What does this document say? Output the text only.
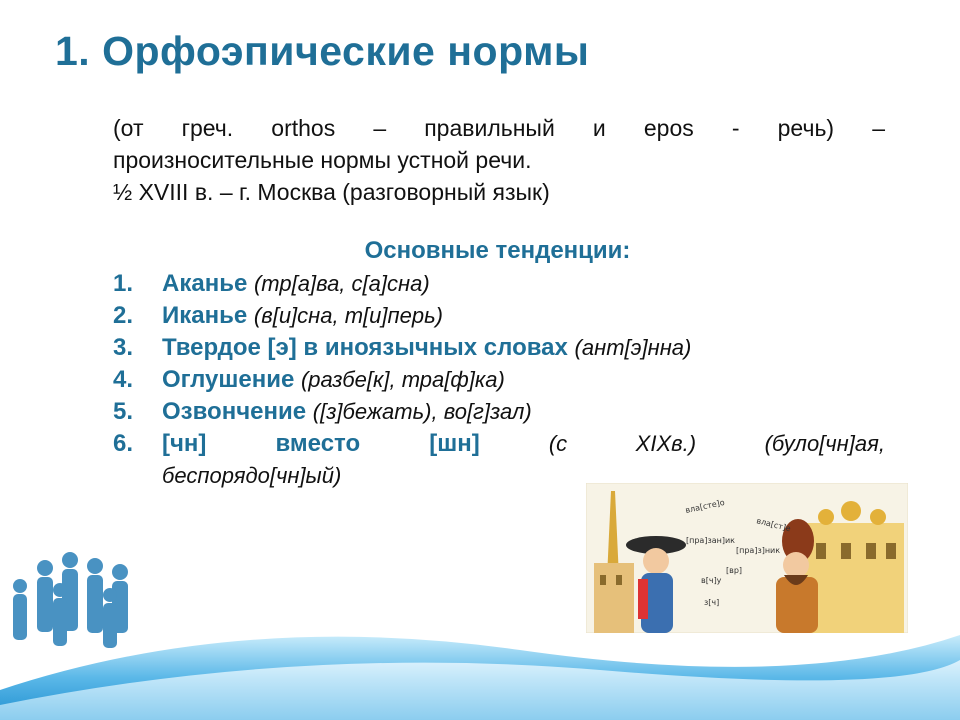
1. Орфоэпические нормы
(от греч. orthos – правильный и epos - речь) –
произносительные нормы устной речи.
½ XVIII в. – г. Москва (разговорный язык)
Основные тенденции:
1. Аканье (тр[а]ва, с[а]сна)
2. Иканье (в[и]сна, т[и]перь)
3. Твердое [э] в иноязычных словах (ант[э]нна)
4. Оглушение (разбе[к], тра[ф]ка)
5. Озвончение ([з]бежать), во[г]зал)
6. [чн] вместо [шн]	(с XIXв.) (було[чн]ая,
беспорядо[чн]ый)
вла[сте]о
вла[ст]е
[пра]зан]ик
[пра]з]ник
[вр]
в[ч]у
з[ч]
